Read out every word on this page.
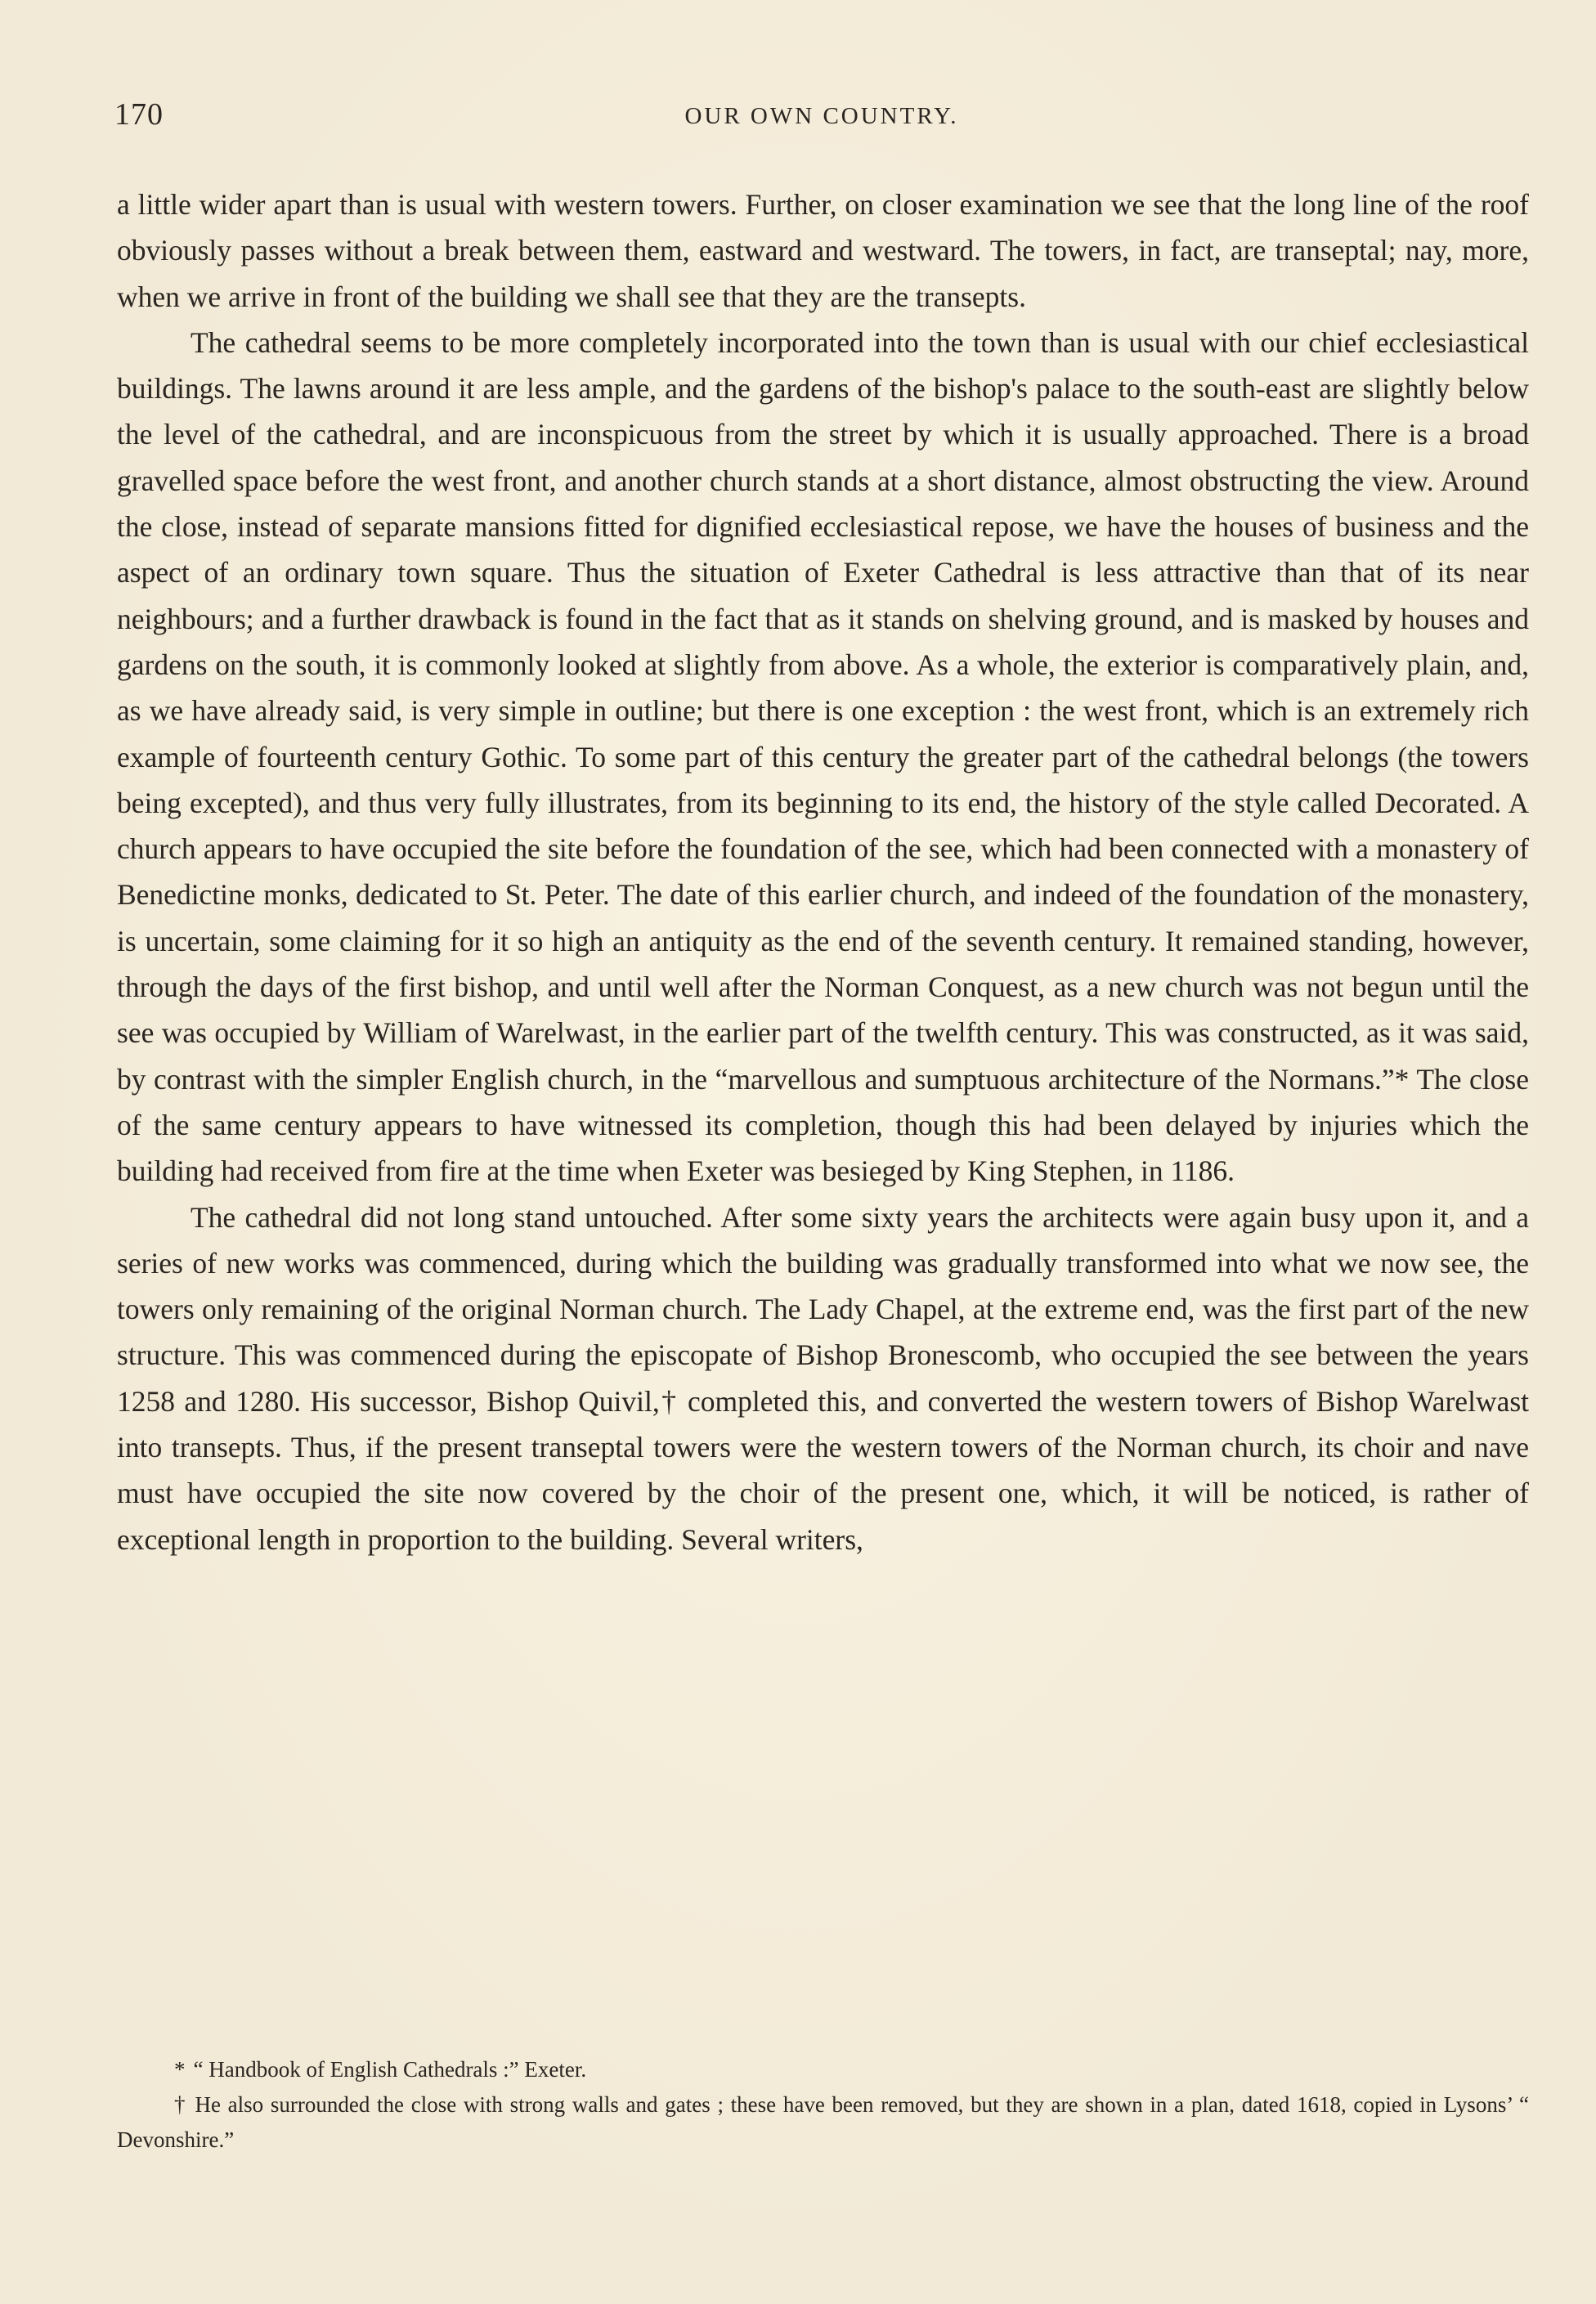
170	OUR OWN COUNTRY.

a little wider apart than is usual with western towers. Further, on closer examination we see that the long line of the roof obviously passes without a break between them, eastward and westward. The towers, in fact, are transeptal; nay, more, when we arrive in front of the building we shall see that they are the transepts.

The cathedral seems to be more completely incorporated into the town than is usual with our chief ecclesiastical buildings. The lawns around it are less ample, and the gardens of the bishop's palace to the south-east are slightly below the level of the cathedral, and are inconspicuous from the street by which it is usually approached. There is a broad gravelled space before the west front, and another church stands at a short distance, almost obstructing the view. Around the close, instead of separate mansions fitted for dignified ecclesiastical repose, we have the houses of business and the aspect of an ordinary town square. Thus the situation of Exeter Cathedral is less attractive than that of its near neighbours; and a further drawback is found in the fact that as it stands on shelving ground, and is masked by houses and gardens on the south, it is commonly looked at slightly from above. As a whole, the exterior is comparatively plain, and, as we have already said, is very simple in outline; but there is one exception : the west front, which is an extremely rich example of fourteenth century Gothic. To some part of this century the greater part of the cathedral belongs (the towers being excepted), and thus very fully illustrates, from its beginning to its end, the history of the style called Decorated. A church appears to have occupied the site before the foundation of the see, which had been connected with a monastery of Benedictine monks, dedicated to St. Peter. The date of this earlier church, and indeed of the foundation of the monastery, is uncertain, some claiming for it so high an antiquity as the end of the seventh century. It remained standing, however, through the days of the first bishop, and until well after the Norman Conquest, as a new church was not begun until the see was occupied by William of Warelwast, in the earlier part of the twelfth century. This was constructed, as it was said, by contrast with the simpler English church, in the “marvellous and sumptuous architecture of the Normans.”* The close of the same century appears to have witnessed its completion, though this had been delayed by injuries which the building had received from fire at the time when Exeter was besieged by King Stephen, in 1186.

The cathedral did not long stand untouched. After some sixty years the architects were again busy upon it, and a series of new works was commenced, during which the building was gradually transformed into what we now see, the towers only remaining of the original Norman church. The Lady Chapel, at the extreme end, was the first part of the new structure. This was commenced during the episcopate of Bishop Bronescomb, who occupied the see between the years 1258 and 1280. His successor, Bishop Quivil,† completed this, and converted the western towers of Bishop Warelwast into transepts. Thus, if the present transeptal towers were the western towers of the Norman church, its choir and nave must have occupied the site now covered by the choir of the present one, which, it will be noticed, is rather of exceptional length in proportion to the building. Several writers,

* “ Handbook of English Cathedrals :” Exeter.

† He also surrounded the close with strong walls and gates ; these have been removed, but they are shown in a plan, dated 1618, copied in Lysons’ “ Devonshire.”
